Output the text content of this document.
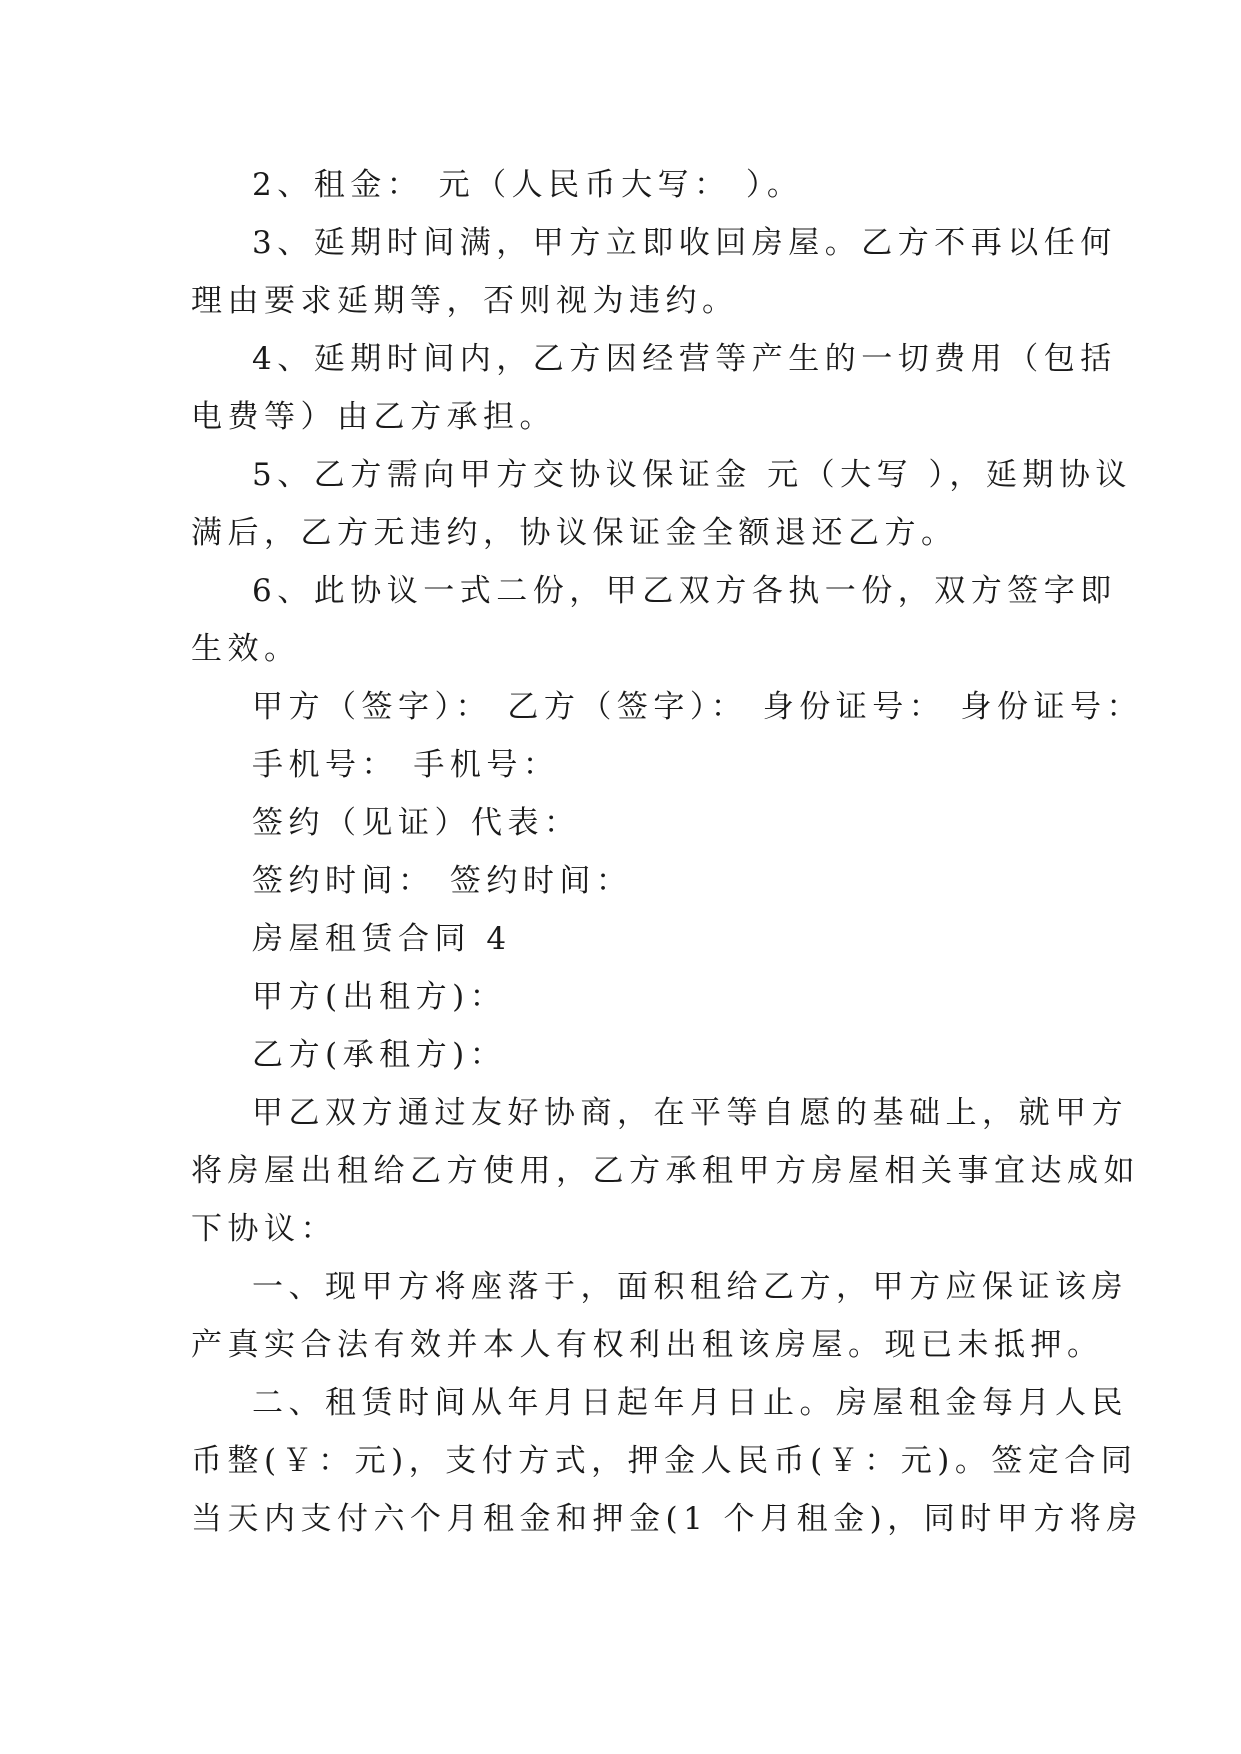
2、租金： 元（人民币大写： ）。
3、延期时间满，甲方立即收回房屋。乙方不再以任何
理由要求延期等，否则视为违约。
4、延期时间内，乙方因经营等产生的一切费用（包括
电费等）由乙方承担。
5、乙方需向甲方交协议保证金 元（大写 ），延期协议
满后，乙方无违约，协议保证金全额退还乙方。
6、此协议一式二份，甲乙双方各执一份，双方签字即
生效。
甲方（签字）： 乙方（签字）： 身份证号： 身份证号：
手机号： 手机号：
签约（见证）代表：
签约时间： 签约时间：
房屋租赁合同 4
甲方(出租方)：
乙方(承租方)：
甲乙双方通过友好协商，在平等自愿的基础上，就甲方
将房屋出租给乙方使用，乙方承租甲方房屋相关事宜达成如
下协议：
一、现甲方将座落于，面积租给乙方，甲方应保证该房
产真实合法有效并本人有权利出租该房屋。现已未抵押。
二、租赁时间从年月日起年月日止。房屋租金每月人民
币整(￥：元)，支付方式，押金人民币(￥：元)。签定合同
当天内支付六个月租金和押金(1 个月租金)，同时甲方将房
